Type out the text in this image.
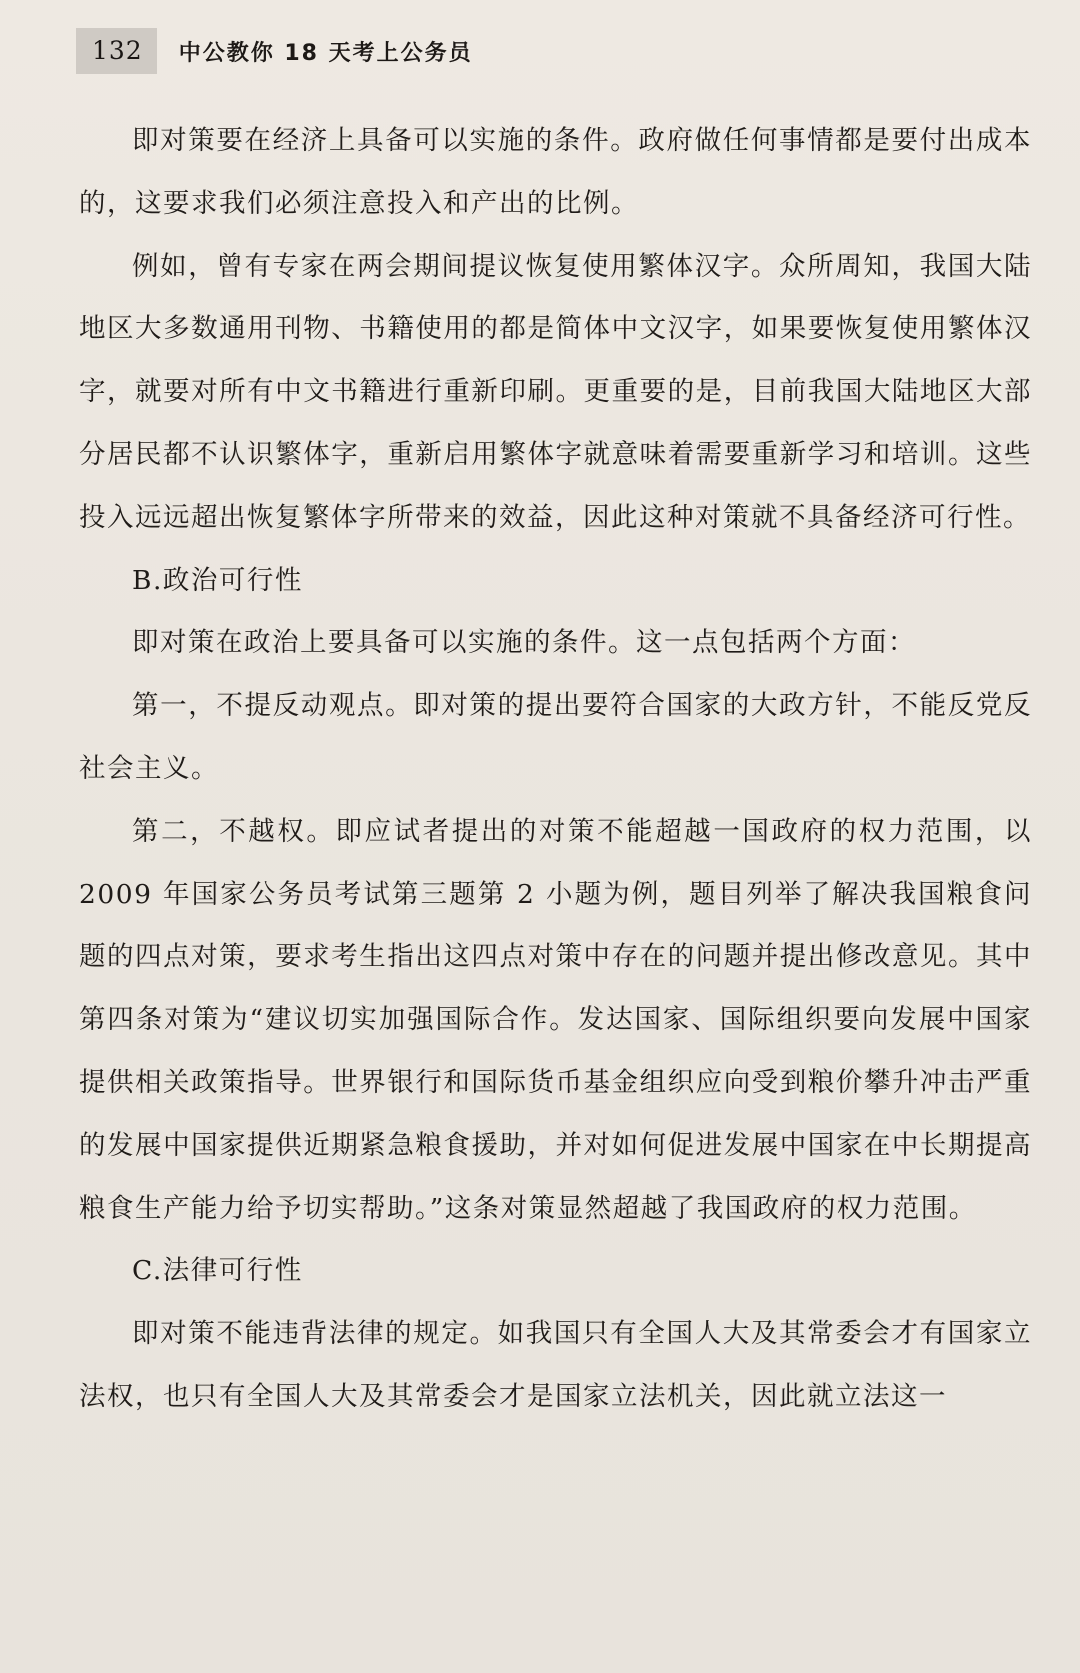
132	中公教你 18 天考上公务员

即对策要在经济上具备可以实施的条件。政府做任何事情都是要付出成本的，这要求我们必须注意投入和产出的比例。

例如，曾有专家在两会期间提议恢复使用繁体汉字。众所周知，我国大陆地区大多数通用刊物、书籍使用的都是简体中文汉字，如果要恢复使用繁体汉字，就要对所有中文书籍进行重新印刷。更重要的是，目前我国大陆地区大部分居民都不认识繁体字，重新启用繁体字就意味着需要重新学习和培训。这些投入远远超出恢复繁体字所带来的效益，因此这种对策就不具备经济可行性。

B.政治可行性

即对策在政治上要具备可以实施的条件。这一点包括两个方面：

第一，不提反动观点。即对策的提出要符合国家的大政方针，不能反党反社会主义。

第二，不越权。即应试者提出的对策不能超越一国政府的权力范围，以 2009 年国家公务员考试第三题第 2 小题为例，题目列举了解决我国粮食问题的四点对策，要求考生指出这四点对策中存在的问题并提出修改意见。其中第四条对策为“建议切实加强国际合作。发达国家、国际组织要向发展中国家提供相关政策指导。世界银行和国际货币基金组织应向受到粮价攀升冲击严重的发展中国家提供近期紧急粮食援助，并对如何促进发展中国家在中长期提高粮食生产能力给予切实帮助。”这条对策显然超越了我国政府的权力范围。

C.法律可行性

即对策不能违背法律的规定。如我国只有全国人大及其常委会才有国家立法权，也只有全国人大及其常委会才是国家立法机关，因此就立法这一
